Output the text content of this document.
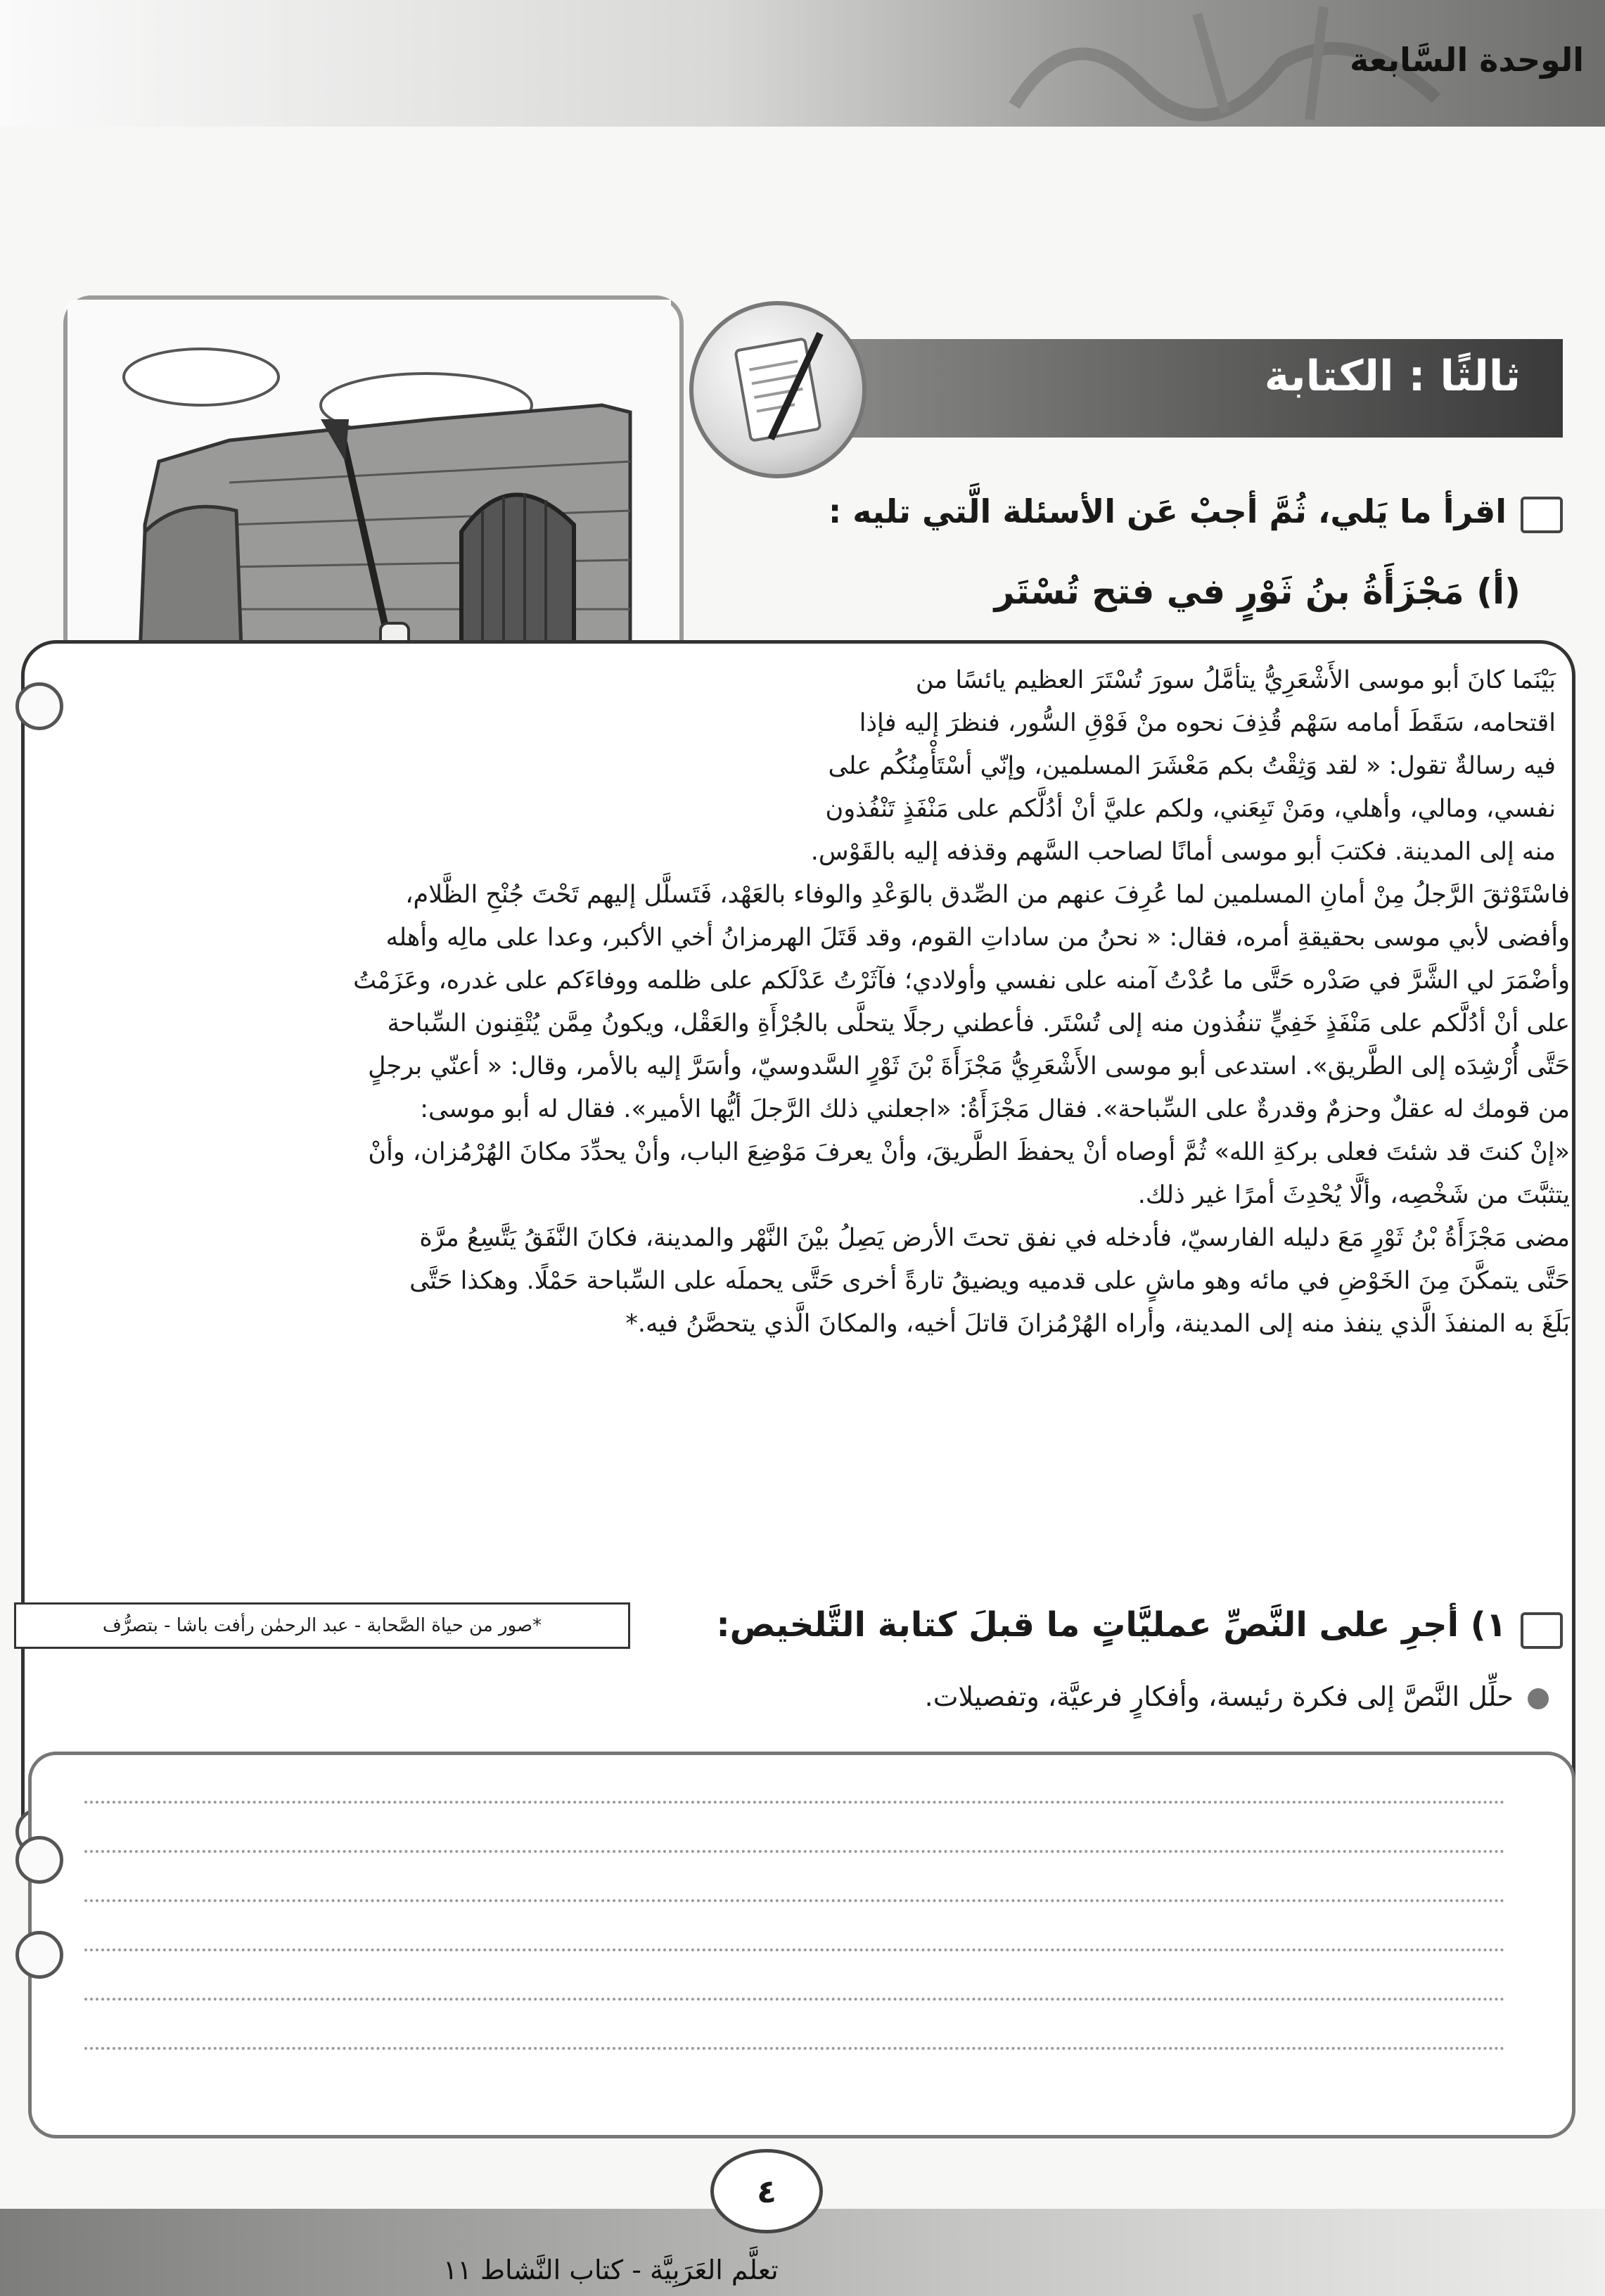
الوحدة السَّابعة
ثالثًا : الكتابة
اقرأ ما يَلي، ثُمَّ أجبْ عَن الأسئلة الَّتي تليه :
(أ) مَجْزَأَةُ بنُ ثَوْرٍ في فتح تُسْتَر
بَيْنَما كانَ أبو موسى الأَشْعَرِيُّ يتأمَّلُ سورَ تُسْتَرَ العظيم يائسًا من
اقتحامه، سَقَطَ أمامه سَهْم قُذِفَ نحوه منْ فَوْقِ السُّور، فنظرَ إليه فإذا
فيه رسالةٌ تقول: « لقد وَثِقْتُ بكم مَعْشَرَ المسلمين، وإنّي أسْتَأْمِنُكُم على
نفسي، ومالي، وأهلي، ومَنْ تَبِعَني، ولكم عليَّ أنْ أدُلَّكم على مَنْفَذٍ تَنْفُذون
منه إلى المدينة. فكتبَ أبو موسى أمانًا لصاحب السَّهم وقذفه إليه بالقَوْس.
فاسْتَوْثقَ الرَّجلُ مِنْ أمانِ المسلمين لما عُرِفَ عنهم من الصِّدق بالوَعْدِ والوفاء بالعَهْد، فَتَسلَّل إليهم تَحْتَ جُنْحِ الظَّلام،
وأفضى لأبي موسى بحقيقةِ أمره، فقال: « نحنُ من ساداتِ القوم، وقد قَتَلَ الهرمزانُ أخي الأكبر، وعدا على مالِه وأهله
وأضْمَرَ لي الشَّرَّ في صَدْره حَتَّى ما عُدْتُ آمنه على نفسي وأولادي؛ فآثَرْتُ عَدْلَكم على ظلمه ووفاءَكم على غدره، وعَزَمْتُ
على أنْ أدُلَّكم على مَنْفَذٍ خَفِيٍّ تنفُذون منه إلى تُسْتَر. فأعطني رجلًا يتحلَّى بالجُرْأَةِ والعَقْل، ويكونُ مِمَّن يُتْقِنون السِّباحة
حَتَّى أُرْشِدَه إلى الطَّريق». استدعى أبو موسى الأَشْعَرِيُّ مَجْزَأَةَ بْنَ ثَوْرٍ السَّدوسيّ، وأسَرَّ إليه بالأمر، وقال: « أعنّي برجلٍ
من قومك له عقلٌ وحزمٌ وقدرةٌ على السِّباحة». فقال مَجْزَأَةُ: «اجعلني ذلك الرَّجلَ أيُّها الأمير». فقال له أبو موسى:
«إنْ كنتَ قد شئتَ فعلى بركةِ الله» ثُمَّ أوصاه أنْ يحفظَ الطَّريقَ، وأنْ يعرفَ مَوْضِعَ الباب، وأنْ يحدِّدَ مكانَ الهُرْمُزان، وأنْ
يتثبَّتَ من شَخْصِه، وألَّا يُحْدِثَ أمرًا غير ذلك.
مضى مَجْزَأَةُ بْنُ ثَوْرٍ مَعَ دليله الفارسيّ، فأدخله في نفق تحتَ الأرض يَصِلُ بيْنَ النَّهْر والمدينة، فكانَ النَّفَقُ يَتَّسِعُ مرَّة
حَتَّى يتمكَّنَ مِنَ الخَوْضِ في مائه وهو ماشٍ على قدميه ويضيقُ تارةً أخرى حَتَّى يحملَه على السِّباحة حَمْلًا. وهكذا حَتَّى
بَلَغَ به المنفذَ الَّذي ينفذ منه إلى المدينة، وأراه الهُرْمُزانَ قاتلَ أخيه، والمكانَ الَّذي يتحصَّنُ فيه.*
*صور من حياة الصَّحابة - عبد الرحمٰن رأفت باشا - بتصرُّف	١) أجرِ على النَّصِّ عمليَّاتٍ ما قبلَ كتابة التَّلخيص:
حلِّل النَّصَّ إلى فكرة رئيسة، وأفكارٍ فرعيَّة، وتفصيلات.
٤
تعلَّم العَرَبِيَّة - كتاب النَّشاط ١١
